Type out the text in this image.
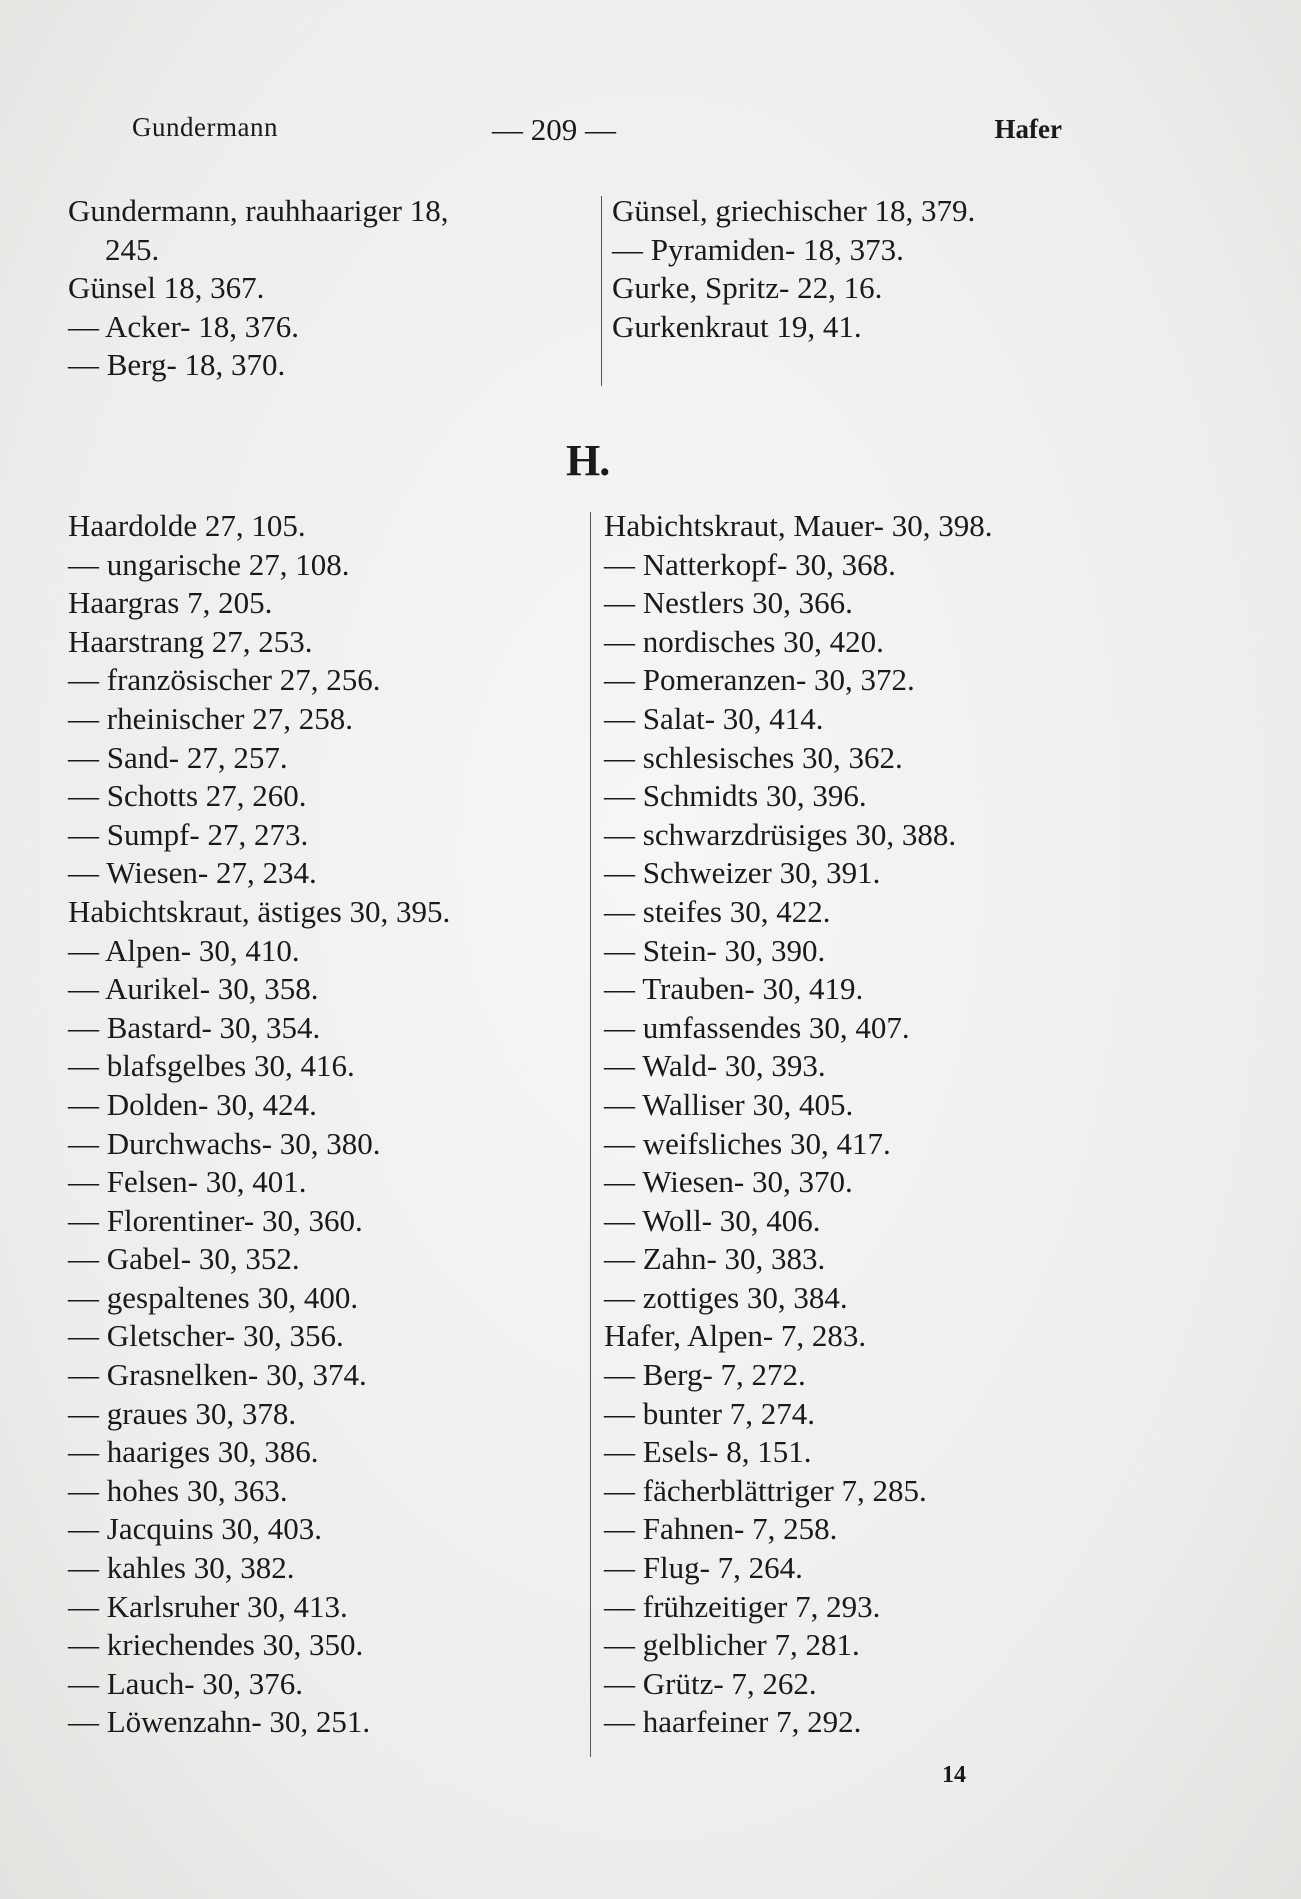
Gundermann	— 209 —	Hafer
Gundermann, rauhhaariger 18,
245.
Günsel 18, 367.
— Acker- 18, 376.
— Berg- 18, 370.
Günsel, griechischer 18, 379.
— Pyramiden- 18, 373.
Gurke, Spritz- 22, 16.
Gurkenkraut 19, 41.
H.
Haardolde 27, 105.
— ungarische 27, 108.
Haargras 7, 205.
Haarstrang 27, 253.
— französischer 27, 256.
— rheinischer 27, 258.
— Sand- 27, 257.
— Schotts 27, 260.
— Sumpf- 27, 273.
— Wiesen- 27, 234.
Habichtskraut, ästiges 30, 395.
— Alpen- 30, 410.
— Aurikel- 30, 358.
— Bastard- 30, 354.
— blafsgelbes 30, 416.
— Dolden- 30, 424.
— Durchwachs- 30, 380.
— Felsen- 30, 401.
— Florentiner- 30, 360.
— Gabel- 30, 352.
— gespaltenes 30, 400.
— Gletscher- 30, 356.
— Grasnelken- 30, 374.
— graues 30, 378.
— haariges 30, 386.
— hohes 30, 363.
— Jacquins 30, 403.
— kahles 30, 382.
— Karlsruher 30, 413.
— kriechendes 30, 350.
— Lauch- 30, 376.
— Löwenzahn- 30, 251.
Habichtskraut, Mauer- 30, 398.
— Natterkopf- 30, 368.
— Nestlers 30, 366.
— nordisches 30, 420.
— Pomeranzen- 30, 372.
— Salat- 30, 414.
— schlesisches 30, 362.
— Schmidts 30, 396.
— schwarzdrüsiges 30, 388.
— Schweizer 30, 391.
— steifes 30, 422.
— Stein- 30, 390.
— Trauben- 30, 419.
— umfassendes 30, 407.
— Wald- 30, 393.
— Walliser 30, 405.
— weifsliches 30, 417.
— Wiesen- 30, 370.
— Woll- 30, 406.
— Zahn- 30, 383.
— zottiges 30, 384.
Hafer, Alpen- 7, 283.
— Berg- 7, 272.
— bunter 7, 274.
— Esels- 8, 151.
— fächerblättriger 7, 285.
— Fahnen- 7, 258.
— Flug- 7, 264.
— frühzeitiger 7, 293.
— gelblicher 7, 281.
— Grütz- 7, 262.
— haarfeiner 7, 292.
14
